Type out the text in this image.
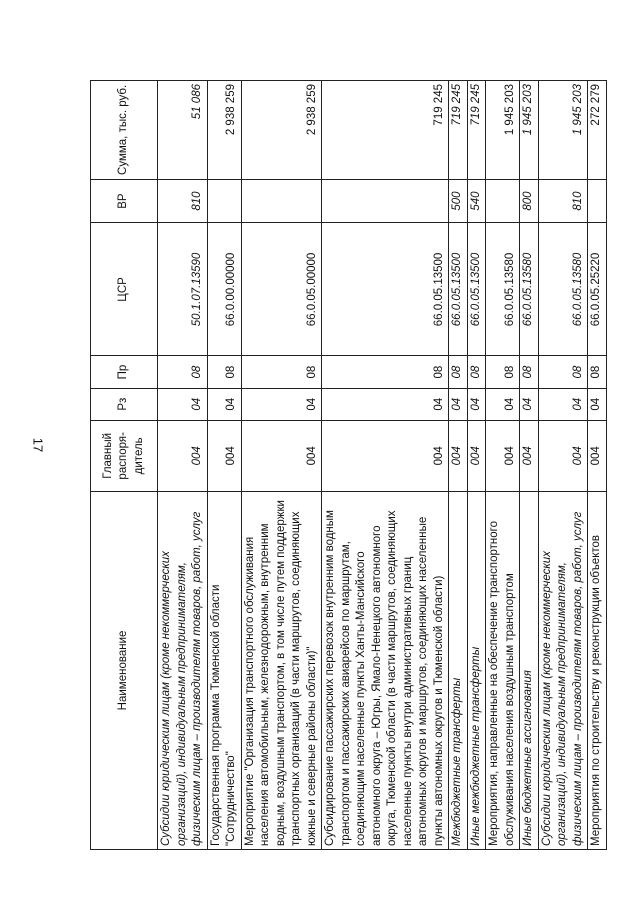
17
Наименование	Главный распоря-дитель	Рз	Пр	ЦСР	ВР	Сумма, тыс. руб.
Субсидии юридическим лицам (кроме некоммерческих организаций), индивидуальным предпринимателям, физическим лицам – производителям товаров, работ, услуг	004	04	08	50.1.07.13590	810	51 086
Государственная программа Тюменской области "Сотрудничество"	004	04	08	66.0.00.00000		2 938 259
Мероприятие "Организация транспортного обслуживания населения автомобильным, железнодорожным, внутренним водным, воздушным транспортом, в том числе путем поддержки транспортных организаций (в части маршрутов, соединяющих южные и северные районы области)"	004	04	08	66.0.05.00000		2 938 259
Субсидирование пассажирских перевозок внутренним водным транспортом и пассажирских авиарейсов по маршрутам, соединяющим населенные пункты Ханты-Мансийского автономного округа – Югры, Ямало-Ненецкого автономного округа, Тюменской области (в части маршрутов, соединяющих населенные пункты внутри административных границ автономных округов и маршрутов, соединяющих населенные пункты автономных округов и Тюменской области)	004	04	08	66.0.05.13500		719 245
Межбюджетные трансферты	004	04	08	66.0.05.13500	500	719 245
Иные межбюджетные трансферты	004	04	08	66.0.05.13500	540	719 245
Мероприятия, направленные на обеспечение транспортного обслуживания населения воздушным транспортом	004	04	08	66.0.05.13580		1 945 203
Иные бюджетные ассигнования	004	04	08	66.0.05.13580	800	1 945 203
Субсидии юридическим лицам (кроме некоммерческих организаций), индивидуальным предпринимателям, физическим лицам – производителям товаров, работ, услуг	004	04	08	66.0.05.13580	810	1 945 203
Мероприятия по строительству и реконструкции объектов	004	04	08	66.0.05.25220		272 279
